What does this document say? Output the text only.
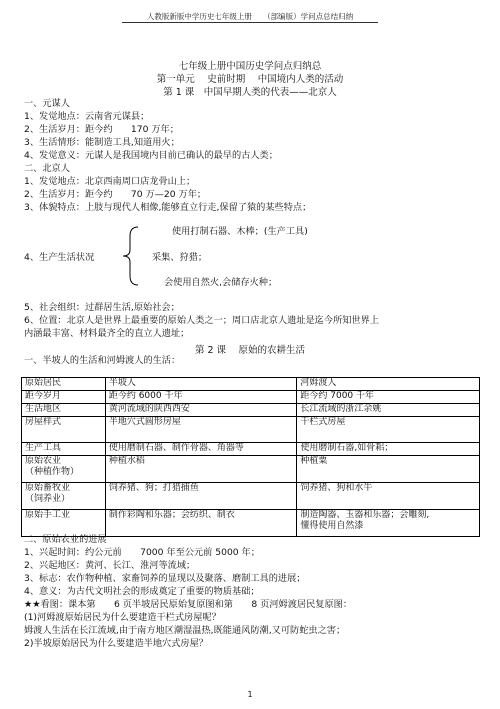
人教版新版中学历史七年级上册　　（部编版）学问点总结归纳
七年级上册中国历史学问点归纳总
第一单元　 史前时期　 中国境内人类的活动
第 1 课　中国早期人类的代表——北京人
一、元谋人
1、发觉地点：云南省元谋县；
2、生活岁月：距今约　　170 万年；
3、生活情形：能制造工具,知道用火；
4、发觉意义：元谋人是我国境内目前已确认的最早的古人类；
二、北京人
1、发觉地点：北京西南周口店龙骨山上；
2、生活岁月：距今约　　70 万—20 万年；
3、体貌特点：上肢与现代人相像,能够直立行走,保留了猿的某些特点；
4、生产生活状况
使用打制石器、木棒；(生产工具)
采集、狩猎；
会使用自然火,会储存火种；
5、社会组织：过群居生活,原始社会；
6、位置：北京人是世界上最重要的原始人类之一；周口店北京人遗址是迄今所知世界上
内涵最丰富、材料最齐全的直立人遗址；
第 2 课　 原始的农耕生活
一、半坡人的生活和河姆渡人的生活：
原始居民	半坡人	河姆渡人
距今岁月	距今约 6000 千年	距今约 7000 千年
生活地区	黄河流域的陕西西安	长江流域的浙江余姚
房屋样式	半地穴式圆形房屋	干栏式房屋
生产工具	使用磨制石器、制作骨器、角器等	使用磨制石器,如骨耜；
原始农业
（种植作物）	种植水稻	种植粟
原始畜牧业
（饲养业）	饲养猪、狗；打猎捕鱼	饲养猪、狗和水牛
原始手工业	制作彩陶和乐器；会纺织、制衣	制造陶器、玉器和乐器；会雕刻,
懂得使用自然漆
二、原始农业的进展
1、兴起时间：约公元前　　7000 年至公元前 5000 年；
2、兴起地区：黄河、长江、淮河等流域；
3、标志：农作物种植、家畜饲养的显现以及聚落、磨制工具的进展；
4、意义：为古代文明社会的形成奠定了重要的物质基础；
★★看图：课本第　　6 页半坡居民原始复原图和第　　8 页河姆渡居民复原图：
(1)河姆渡原始居民为什么要建造干栏式房屋呢？
姆渡人生活在长江流域,由于南方地区潮湿温热,既能通风防潮,又可防蛇虫之害；
2)半坡原始居民为什么要建造半地穴式房屋？
1
